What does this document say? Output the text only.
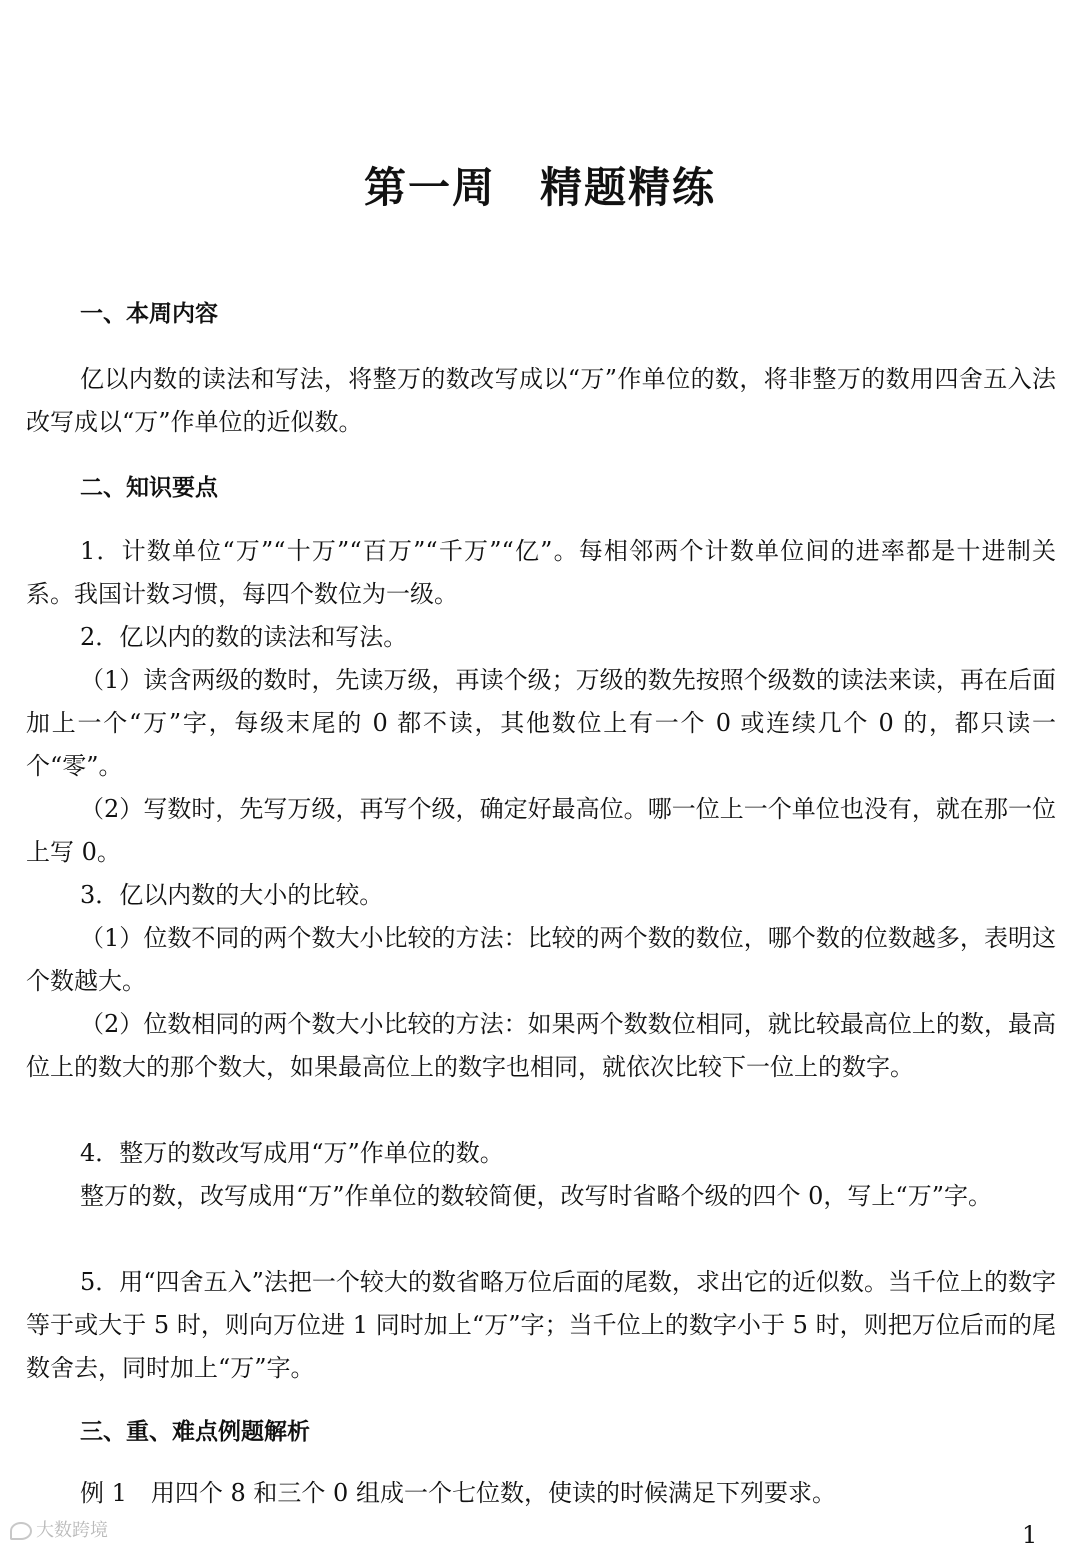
第一周　精题精练
一、本周内容
亿以内数的读法和写法，将整万的数改写成以“万”作单位的数，将非整万的数用四舍五入法改写成以“万”作单位的近似数。
二、知识要点
1．计数单位“万”“十万”“百万”“千万”“亿”。每相邻两个计数单位间的进率都是十进制关系。我国计数习惯，每四个数位为一级。
2．亿以内的数的读法和写法。
（1）读含两级的数时，先读万级，再读个级；万级的数先按照个级数的读法来读，再在后面加上一个“万”字，每级末尾的 0 都不读，其他数位上有一个 0 或连续几个 0 的，都只读一个“零”。
（2）写数时，先写万级，再写个级，确定好最高位。哪一位上一个单位也没有，就在那一位上写 0。
3．亿以内数的大小的比较。
（1）位数不同的两个数大小比较的方法：比较的两个数的数位，哪个数的位数越多，表明这个数越大。
（2）位数相同的两个数大小比较的方法：如果两个数数位相同，就比较最高位上的数，最高位上的数大的那个数大，如果最高位上的数字也相同，就依次比较下一位上的数字。
4．整万的数改写成用“万”作单位的数。
整万的数，改写成用“万”作单位的数较简便，改写时省略个级的四个 0，写上“万”字。
5．用“四舍五入”法把一个较大的数省略万位后面的尾数，求出它的近似数。当千位上的数字等于或大于 5 时，则向万位进 1 同时加上“万”字；当千位上的数字小于 5 时，则把万位后而的尾数舍去，同时加上“万”字。
三、重、难点例题解析
例 1　用四个 8 和三个 0 组成一个七位数，使读的时候满足下列要求。
大数跨境	1
